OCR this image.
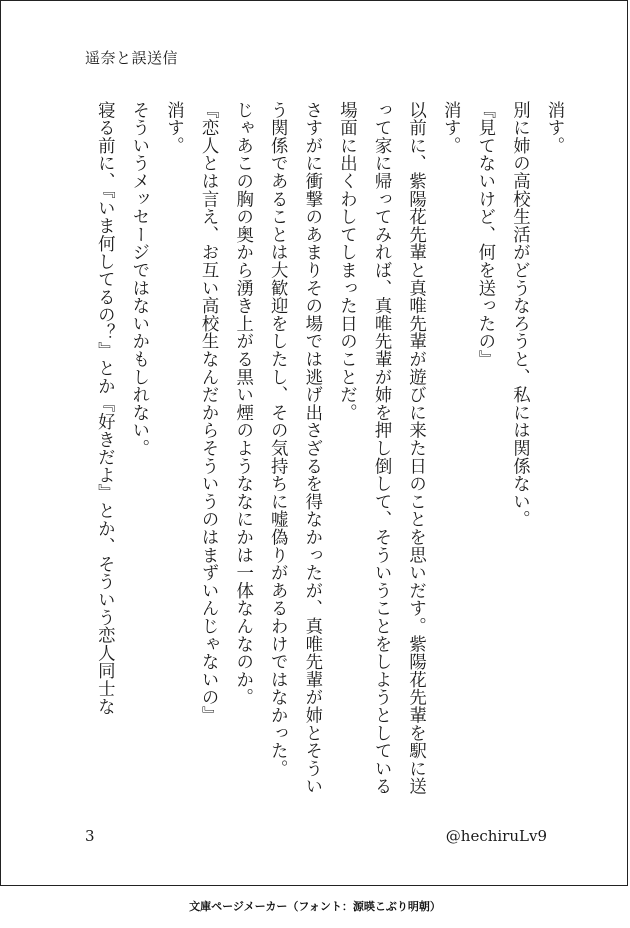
遥奈と誤送信

消す。

別に姉の高校生活がどうなろうと、私には関係ない。

『見てないけど、何を送ったの』

消す。

以前に、紫陽花先輩と真唯先輩が遊びに来た日のことを思いだす。紫陽花先輩を駅に送って家に帰ってみれば、真唯先輩が姉を押し倒して、そういうことをしようとしている場面に出くわしてしまった日のことだ。

さすがに衝撃のあまりその場では逃げ出さざるを得なかったが、真唯先輩が姉とそういう関係であることは大歓迎をしたし、その気持ちに嘘偽りがあるわけではなかった。

じゃあこの胸の奥から湧き上がる黒い煙のようななにかは一体なんなのか。

『恋人とは言え、お互い高校生なんだからそういうのはまずいんじゃないの』

消す。

そういうメッセージではないかもしれない。

寝る前に、『いま何してるの？』とか『好きだよ』とか、そういう恋人同士な

3	@hechiruLv9
文庫ページメーカー（フォント：源暎こぶり明朝）
